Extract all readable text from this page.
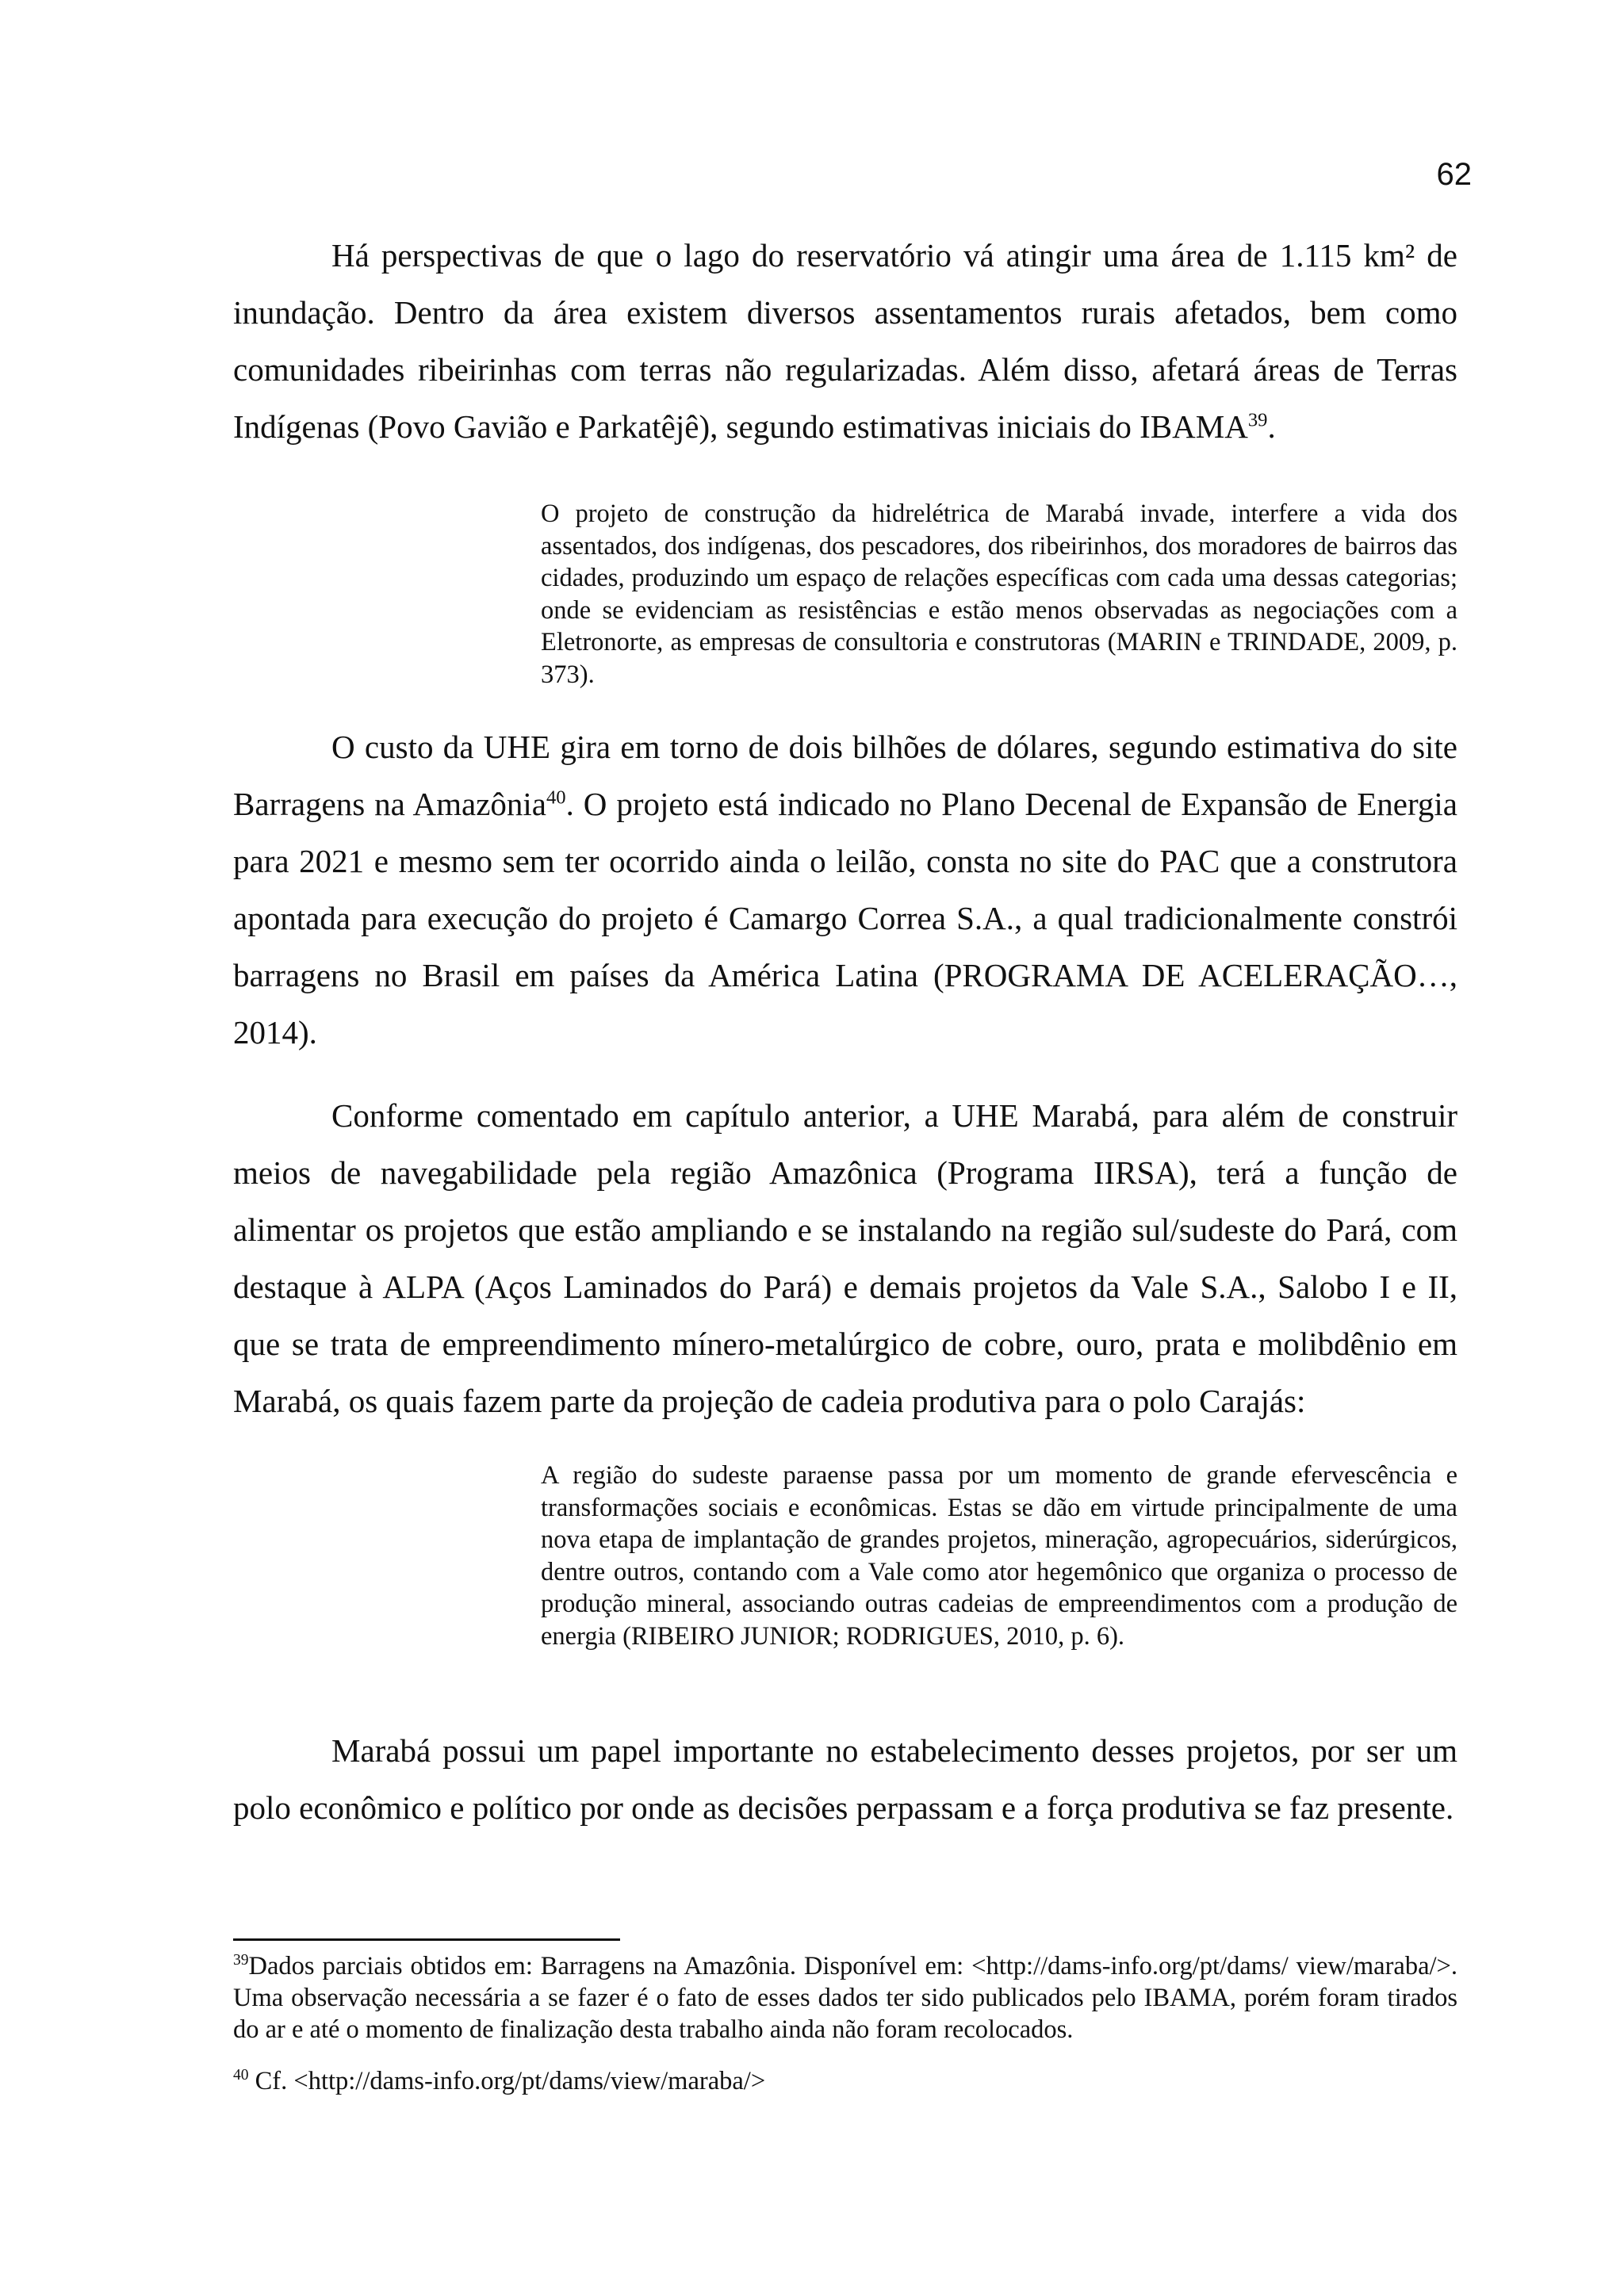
62

Há perspectivas de que o lago do reservatório vá atingir uma área de 1.115 km² de inundação. Dentro da área existem diversos assentamentos rurais afetados, bem como comunidades ribeirinhas com terras não regularizadas. Além disso, afetará áreas de Terras Indígenas (Povo Gavião e Parkatêjê), segundo estimativas iniciais do IBAMA$^{39}$.

O projeto de construção da hidrelétrica de Marabá invade, interfere a vida dos assentados, dos indígenas, dos pescadores, dos ribeirinhos, dos moradores de bairros das cidades, produzindo um espaço de relações específicas com cada uma dessas categorias; onde se evidenciam as resistências e estão menos observadas as negociações com a Eletronorte, as empresas de consultoria e construtoras (MARIN e TRINDADE, 2009, p. 373).

O custo da UHE gira em torno de dois bilhões de dólares, segundo estimativa do site Barragens na Amazônia$^{40}$. O projeto está indicado no Plano Decenal de Expansão de Energia para 2021 e mesmo sem ter ocorrido ainda o leilão, consta no site do PAC que a construtora apontada para execução do projeto é Camargo Correa S.A., a qual tradicionalmente constrói barragens no Brasil em países da América Latina (PROGRAMA DE ACELERAÇÃO…, 2014).

Conforme comentado em capítulo anterior, a UHE Marabá, para além de construir meios de navegabilidade pela região Amazônica (Programa IIRSA), terá a função de alimentar os projetos que estão ampliando e se instalando na região sul/sudeste do Pará, com destaque à ALPA (Aços Laminados do Pará) e demais projetos da Vale S.A., Salobo I e II, que se trata de empreendimento mínero-metalúrgico de cobre, ouro, prata e molibdênio em Marabá, os quais fazem parte da projeção de cadeia produtiva para o polo Carajás:

A região do sudeste paraense passa por um momento de grande efervescência e transformações sociais e econômicas. Estas se dão em virtude principalmente de uma nova etapa de implantação de grandes projetos, mineração, agropecuários, siderúrgicos, dentre outros, contando com a Vale como ator hegemônico que organiza o processo de produção mineral, associando outras cadeias de empreendimentos com a produção de energia (RIBEIRO JUNIOR; RODRIGUES, 2010, p. 6).

Marabá possui um papel importante no estabelecimento desses projetos, por ser um polo econômico e político por onde as decisões perpassam e a força produtiva se faz presente.

$^{39}$Dados parciais obtidos em: Barragens na Amazônia. Disponível em: <http://dams-info.org/pt/dams/ view/maraba/>. Uma observação necessária a se fazer é o fato de esses dados ter sido publicados pelo IBAMA, porém foram tirados do ar e até o momento de finalização desta trabalho ainda não foram recolocados.

$^{40}$ Cf. <http://dams-info.org/pt/dams/view/maraba/>
